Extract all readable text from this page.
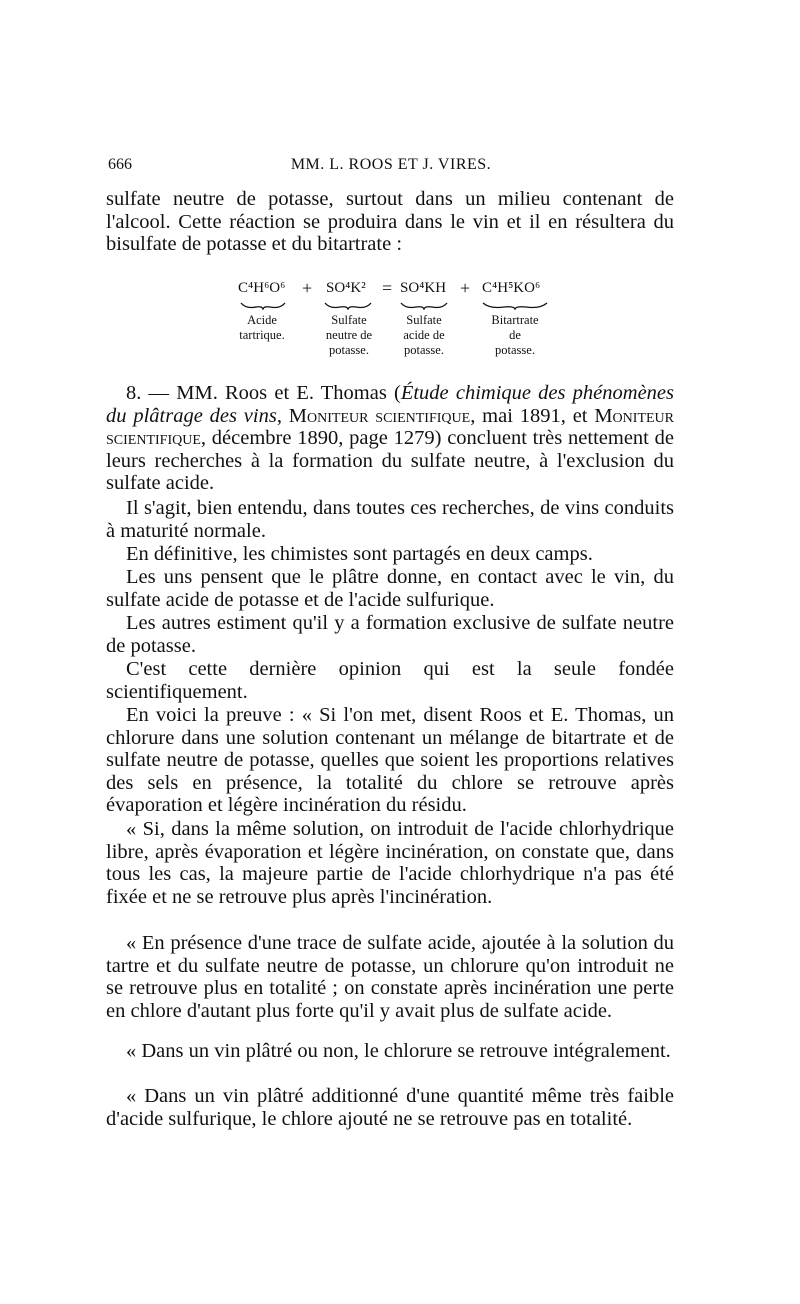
666	MM. L. ROOS ET J. VIRES.

sulfate neutre de potasse, surtout dans un milieu contenant de l'alcool. Cette réaction se produira dans le vin et il en résultera du bisulfate de potasse et du bitartrate :

C⁴H⁶O⁶ + SO⁴K² = SO⁴KH + C⁴H⁵KO⁶
Acide
tartrique.
Sulfate
neutre de
potasse.
Sulfate
acide de
potasse.
Bitartrate
de
potasse.

8. — MM. Roos et E. Thomas (Étude chimique des phénomènes du plâtrage des vins, Moniteur scientifique, mai 1891, et Moniteur scientifique, décembre 1890, page 1279) concluent très nettement de leurs recherches à la formation du sulfate neutre, à l'exclusion du sulfate acide.

Il s'agit, bien entendu, dans toutes ces recherches, de vins conduits à maturité normale.

En définitive, les chimistes sont partagés en deux camps.

Les uns pensent que le plâtre donne, en contact avec le vin, du sulfate acide de potasse et de l'acide sulfurique.

Les autres estiment qu'il y a formation exclusive de sulfate neutre de potasse.

C'est cette dernière opinion qui est la seule fondée scientifiquement.

En voici la preuve : « Si l'on met, disent Roos et E. Thomas, un chlorure dans une solution contenant un mélange de bitartrate et de sulfate neutre de potasse, quelles que soient les proportions relatives des sels en présence, la totalité du chlore se retrouve après évaporation et légère incinération du résidu.

« Si, dans la même solution, on introduit de l'acide chlorhydrique libre, après évaporation et légère incinération, on constate que, dans tous les cas, la majeure partie de l'acide chlorhydrique n'a pas été fixée et ne se retrouve plus après l'incinération.

« En présence d'une trace de sulfate acide, ajoutée à la solution du tartre et du sulfate neutre de potasse, un chlorure qu'on introduit ne se retrouve plus en totalité ; on constate après incinération une perte en chlore d'autant plus forte qu'il y avait plus de sulfate acide.

« Dans un vin plâtré ou non, le chlorure se retrouve intégralement.

« Dans un vin plâtré additionné d'une quantité même très faible d'acide sulfurique, le chlore ajouté ne se retrouve pas en totalité.
